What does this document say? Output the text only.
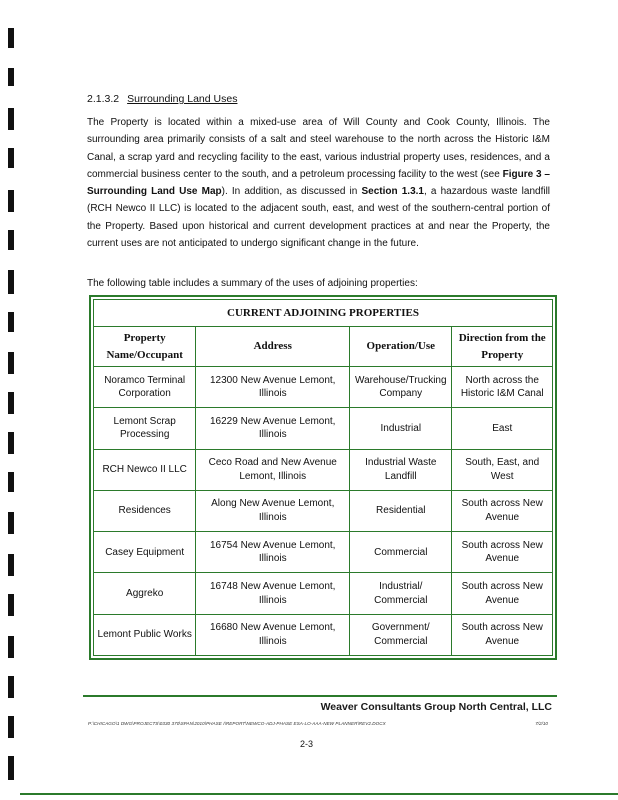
2.1.3.2 Surrounding Land Uses

The Property is located within a mixed-use area of Will County and Cook County, Illinois. The surrounding area primarily consists of a salt and steel warehouse to the north across the Historic I&M Canal, a scrap yard and recycling facility to the east, various industrial property uses, residences, and a commercial business center to the south, and a petroleum processing facility to the west (see Figure 3 – Surrounding Land Use Map). In addition, as discussed in Section 1.3.1, a hazardous waste landfill (RCH Newco II LLC) is located to the adjacent south, east, and west of the southern-central portion of the Property. Based upon historical and current development practices at and near the Property, the current uses are not anticipated to undergo significant change in the future.

The following table includes a summary of the uses of adjoining properties:

CURRENT ADJOINING PROPERTIES			
Property Name/Occupant	Address	Operation/Use	Direction from the Property
Noramco Terminal Corporation	12300 New Avenue Lemont, Illinois	Warehouse/Trucking Company	North across the Historic I&M Canal
Lemont Scrap Processing	16229 New Avenue Lemont, Illinois	Industrial	East
RCH Newco II LLC	Ceco Road and New Avenue Lemont, Illinois	Industrial Waste Landfill	South, East, and West
Residences	Along New Avenue Lemont, Illinois	Residential	South across New Avenue
Casey Equipment	16754 New Avenue Lemont, Illinois	Commercial	South across New Avenue
Aggreko	16748 New Avenue Lemont, Illinois	Industrial/ Commercial	South across New Avenue
Lemont Public Works	16680 New Avenue Lemont, Illinois	Government/ Commercial	South across New Avenue
Weaver Consultants Group North Central, LLC
P:\CHICAGO\1 DWG\PROJECTS\0330 370\SPAN\2010\PHASE I\REPORT\NEWCO-ADJ-PHASE ESA-LO-AAA-NEW PLANNER\REV2.DOCX	7/2/10
2-3
